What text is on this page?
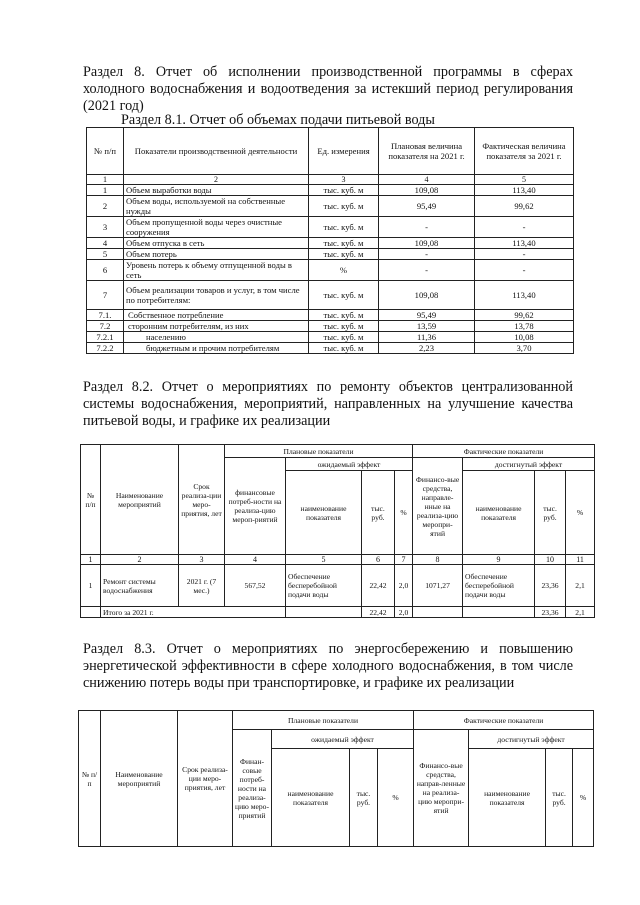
Раздел 8. Отчет об исполнении производственной программы в сферах холодного водоснабжения и водоотведения за истекший период регулирования (2021 год)
Раздел 8.1. Отчет об объемах подачи питьевой воды
№ п/п	Показатели производственной деятельности	Ед. измерения	Плановая величина показателя на 2021 г.	Фактическая величина показателя за 2021 г.
1	2	3	4	5
1	Объем выработки воды	тыс. куб. м	109,08	113,40
2	Объем воды, используемой на собственные нужды	тыс. куб. м	95,49	99,62
3	Объем пропущенной воды через очистные сооружения	тыс. куб. м	-	-
4	Объем отпуска в сеть	тыс. куб. м	109,08	113,40
5	Объем потерь	тыс. куб. м	-	-
6	Уровень потерь к объему отпущенной воды в сеть	%	-	-
7	Объем реализации товаров и услуг, в том числе по потребителям:	тыс. куб. м	109,08	113,40
7.1.	Собственное потребление	тыс. куб. м	95,49	99,62
7.2	сторонним потребителям, из них	тыс. куб. м	13,59	13,78
7.2.1	населению	тыс. куб. м	11,36	10,08
7.2.2	бюджетным и прочим потребителям	тыс. куб. м	2,23	3,70
Раздел 8.2. Отчет о мероприятиях по ремонту объектов централизованной системы водоснабжения, мероприятий, направленных на улучшение качества питьевой воды, и графике их реализации
№ п/п	Наименование мероприятий	Срок реализа-ции меро-приятия, лет	Плановые показатели				Фактические показатели			
			финансовые потреб-ности на реализа-цию мероп-риятий	ожидаемый эффект			Финансо-вые средства, направле-нные на реализа-цию меропри-ятий	достигнутый эффект		
				наименование показателя	тыс. руб.	%		наименование показателя	тыс. руб.	%
1	2	3	4	5	6	7	8	9	10	11
1	Ремонт системы водоснабжения	2021 г. (7 мес.)	567,52	Обеспечение бесперебойной подачи воды	22,42	2,0	1071,27	Обеспечение бесперебойной подачи воды	23,36	2,1
	Итого за 2021 г.				22,42	2,0			23,36	2,1
Раздел 8.3. Отчет о мероприятиях по энергосбережению и повышению энергетической эффективности в сфере холодного водоснабжения, в том числе снижению потерь воды при транспортировке, и графике их реализации
№ п/п	Наименование мероприятий	Срок реализа-ции меро-приятия, лет	Плановые показатели				Фактические показатели			
			Финан-совые потреб-ности на реализа-цию меро-приятий	ожидаемый эффект			Финансо-вые средства, направ-ленные на реализа-цию меропри-ятий	достигнутый эффект		
				наименование показателя	тыс. руб.	%		наименование показателя	тыс. руб.	%
